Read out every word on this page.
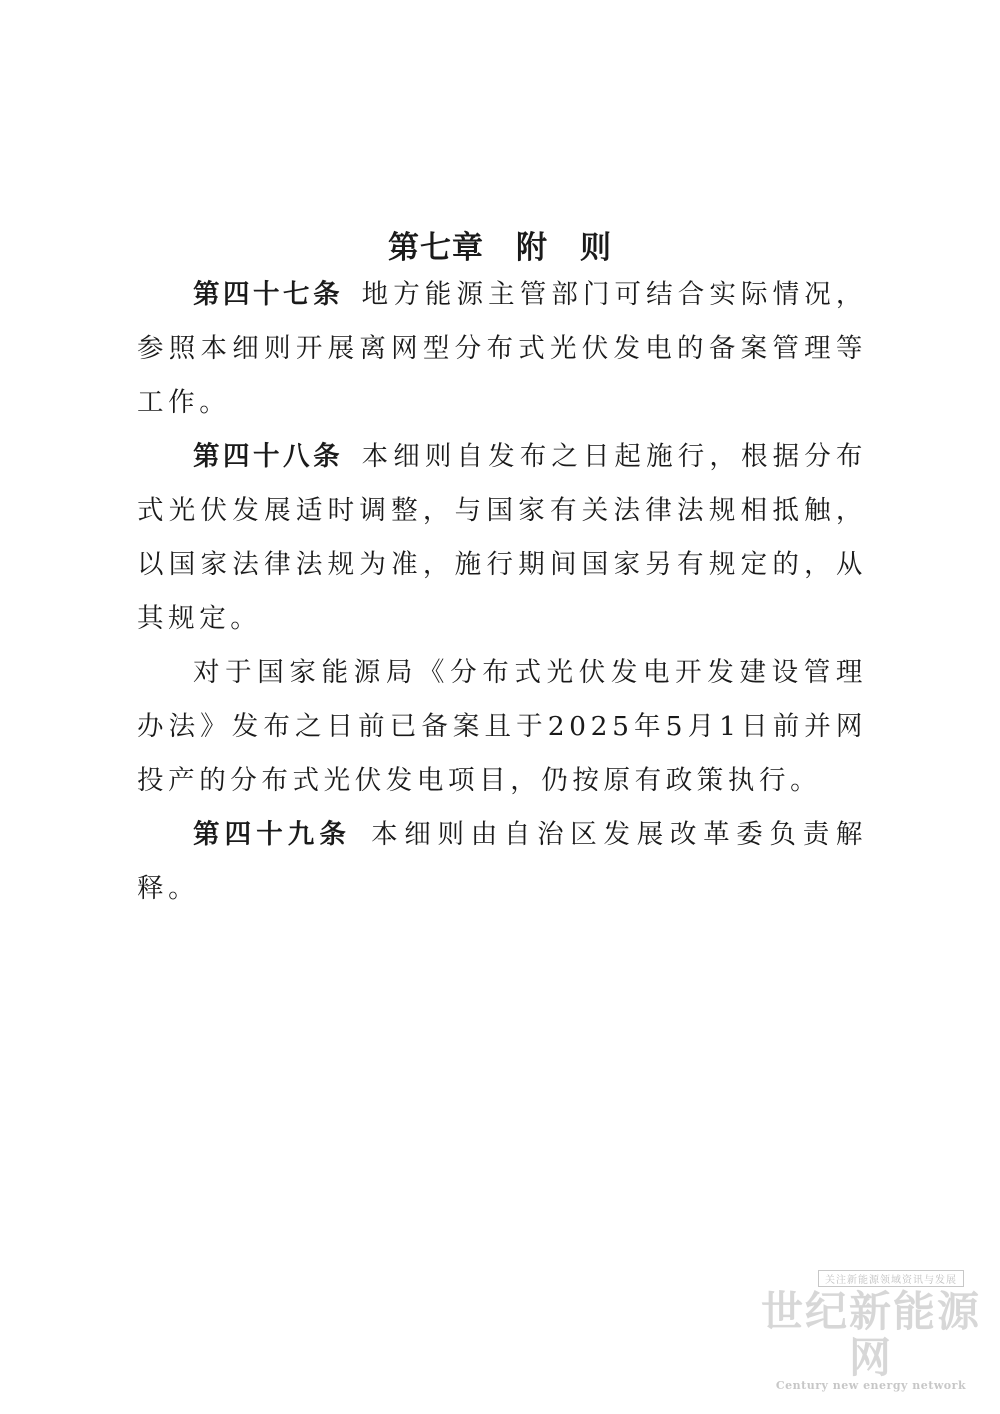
第七章　附　则

第四十七条 地方能源主管部门可结合实际情况，参照本细则开展离网型分布式光伏发电的备案管理等工作。

第四十八条 本细则自发布之日起施行，根据分布式光伏发展适时调整，与国家有关法律法规相抵触，以国家法律法规为准，施行期间国家另有规定的，从其规定。

对于国家能源局《分布式光伏发电开发建设管理办法》发布之日前已备案且于2025年5月1日前并网投产的分布式光伏发电项目，仍按原有政策执行。

第四十九条 本细则由自治区发展改革委负责解释。

关注新能源领域资讯与发展
世纪新能源网
Century new energy network
